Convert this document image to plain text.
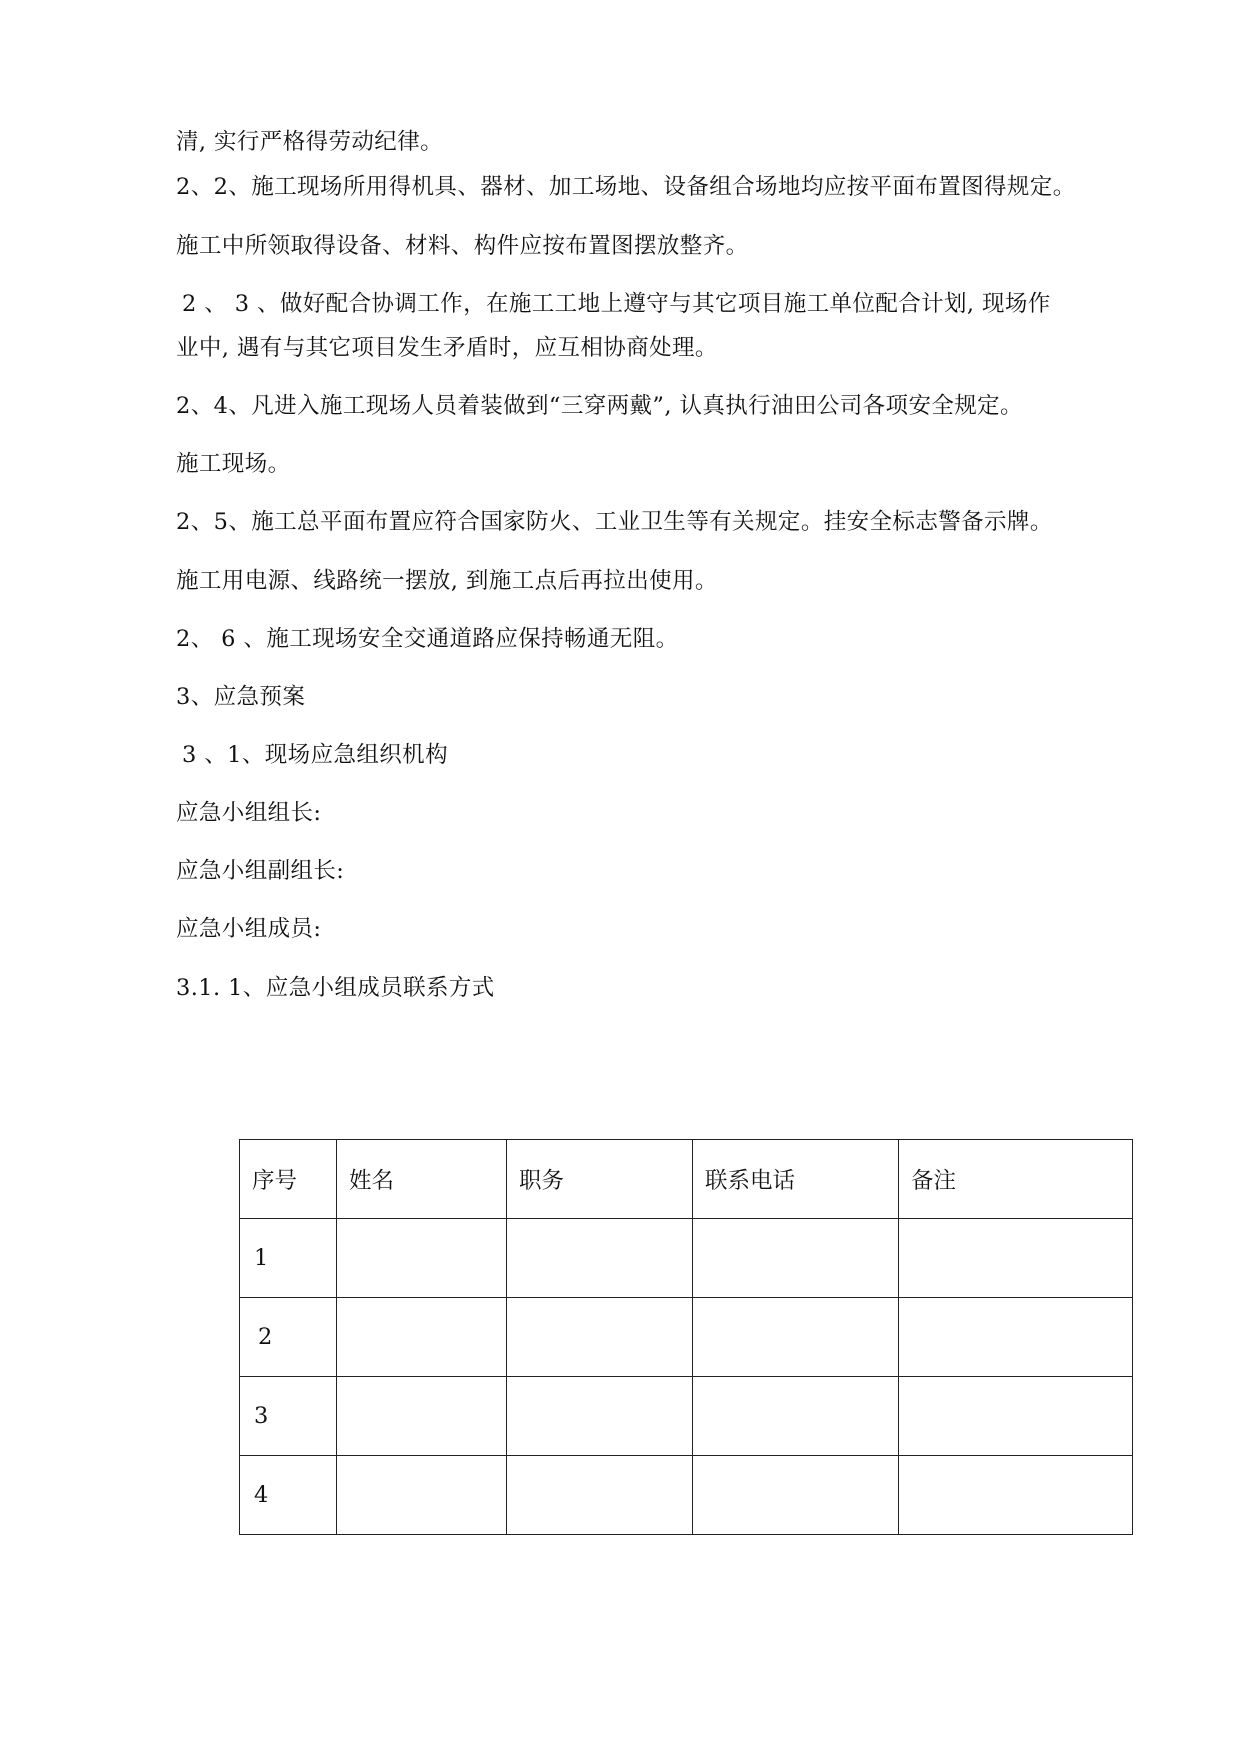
清, 实行严格得劳动纪律。
2、2、施工现场所用得机具、器材、加工场地、设备组合场地均应按平面布置图得规定。
施工中所领取得设备、材料、构件应按布置图摆放整齐。
2 、 3 、做好配合协调工作，在施工工地上遵守与其它项目施工单位配合计划, 现场作
业中, 遇有与其它项目发生矛盾时，应互相协商处理。
2、4、凡进入施工现场人员着装做到“三穿两戴”, 认真执行油田公司各项安全规定。
施工现场。
2、5、施工总平面布置应符合国家防火、工业卫生等有关规定。挂安全标志警备示牌。
施工用电源、线路统一摆放, 到施工点后再拉出使用。
2、 6 、施工现场安全交通道路应保持畅通无阻。
3、应急预案
3 、1、现场应急组织机构
应急小组组长:
应急小组副组长:
应急小组成员:
3.1. 1、应急小组成员联系方式
序号	姓名	职务	联系电话	备注
1				
2				
3				
4				
